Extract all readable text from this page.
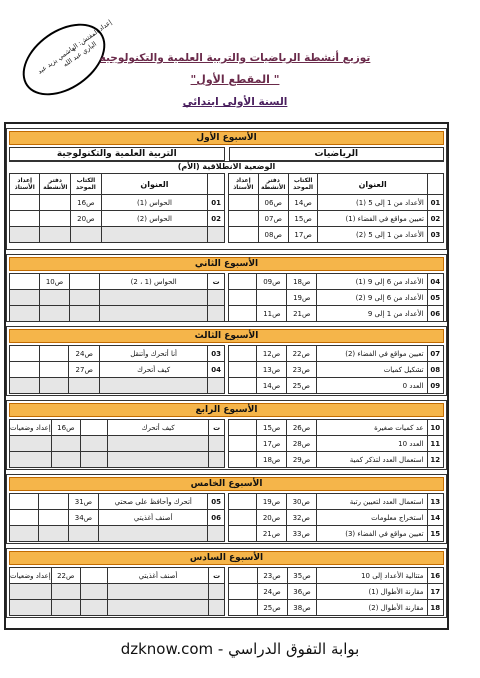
إعداد المفتش: الهاشمي يزيد عبد الباري عبد الله توزيع أنشطة الرياضيات والتربية العلمية والتكنولوجية
" المقطع الأول"
السنة الأولى ابتدائي
الأسبوع الأول
الرياضيات
التربية العلمية والتكنولوجية
الوضعية الانطلاقية (الأم)
	العنوان	الكتاب الموحد	دفتر الأنشطة	إعداد الأستاذ
01	الأعداد من 1 إلى 5 (1)	ص14	ص06	
02	تعيين مواقع في الفضاء (1)	ص15	ص07	
03	الأعداد من 1 إلى 5 (2)	ص17	ص08	
	العنوان	الكتاب الموحد	دفتر الأنشطة	إعداد الأستاذ
01	الحواس (1)	ص16		
02	الحواس (2)	ص20		

الأسبوع الثاني
04	الأعداد من 6 إلى 9 (1)	ص18	ص09	
05	الأعداد من 6 إلى 9 (2)	ص19		
06	الأعداد من 1 إلى 9	ص21	ص11	
ت	الحواس (1 ، 2)		ص10	

الأسبوع الثالث
07	تعيين مواقع في الفضاء (2)	ص22	ص12	
08	تشكيل كميات	ص23	ص13	
09	العدد 0	ص25	ص14	
03	أنا أتحرك وأتنقل	ص24		
04	كيف أتحرك	ص27		

الأسبوع الرابع
10	عد كميات صغيرة	ص26	ص15	
11	العدد 10	ص28	ص17	
12	استعمال العدد لتذكر كمية	ص29	ص18	
ت	كيف أتحرك		ص16	إعداد وضعيات

الأسبوع الخامس
13	استعمال العدد لتعيين رتبة	ص30	ص19	
14	استخراج معلومات	ص32	ص20	
15	تعيين مواقع في الفضاء (3)	ص33	ص21	
05	أتحرك وأحافظ على صحتي	ص31		
06	أصنف أغذيتي	ص34		

الأسبوع السادس
16	متتالية الأعداد إلى 10	ص35	ص23	
17	مقارنة الأطوال (1)	ص36	ص24	
18	مقارنة الأطوال (2)	ص38	ص25	
ت	أصنف أغذيتي		ص22	إعداد وضعيات

dzknow.com - بوابة التفوق الدراسي
